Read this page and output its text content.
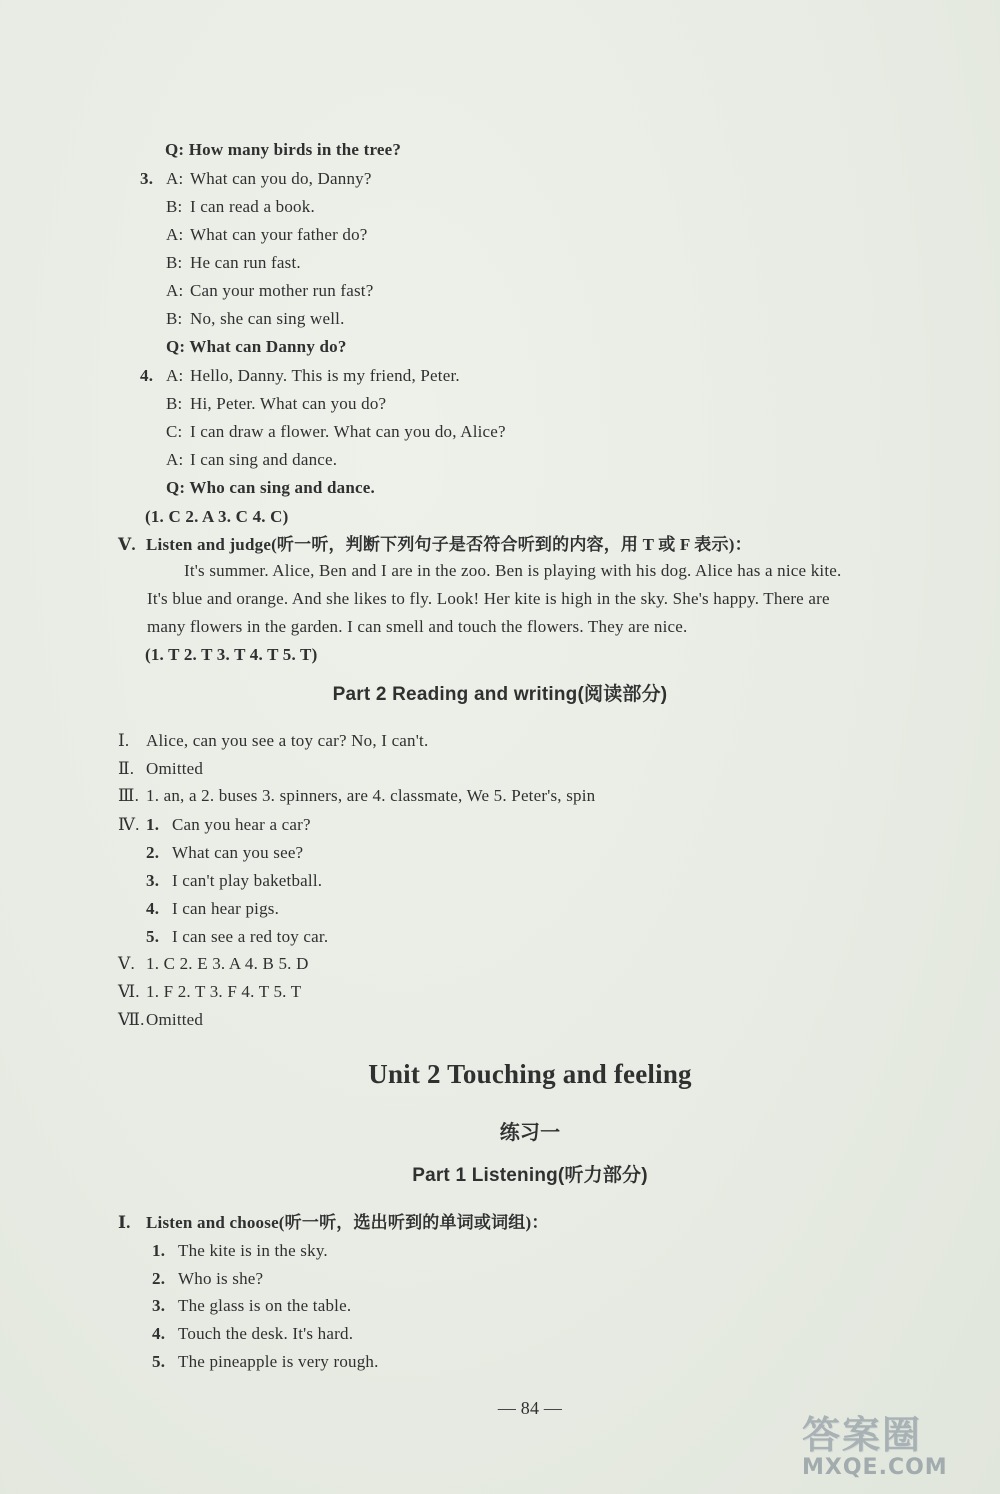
Q: How many birds in the tree?
3. A: What can you do, Danny?
B: I can read a book.
A: What can your father do?
B: He can run fast.
A: Can your mother run fast?
B: No, she can sing well.
Q: What can Danny do?
4. A: Hello, Danny. This is my friend, Peter.
B: Hi, Peter. What can you do?
C: I can draw a flower. What can you do, Alice?
A: I can sing and dance.
Q: Who can sing and dance.
(1. C 2. A 3. C 4. C)
Ⅴ. Listen and judge(听一听，判断下列句子是否符合听到的内容，用 T 或 F 表示)：
It's summer. Alice, Ben and I are in the zoo. Ben is playing with his dog. Alice has a nice kite.
It's blue and orange. And she likes to fly. Look! Her kite is high in the sky. She's happy. There are
many flowers in the garden. I can smell and touch the flowers. They are nice.
(1. T 2. T 3. T 4. T 5. T)
Part 2 Reading and writing(阅读部分)
Ⅰ. Alice, can you see a toy car? No, I can't.
Ⅱ. Omitted
Ⅲ. 1. an, a 2. buses 3. spinners, are 4. classmate, We 5. Peter's, spin
Ⅳ. 1. Can you hear a car?
2. What can you see?
3. I can't play baketball.
4. I can hear pigs.
5. I can see a red toy car.
Ⅴ. 1. C 2. E 3. A 4. B 5. D
Ⅵ. 1. F 2. T 3. F 4. T 5. T
Ⅶ.Omitted
Unit 2 Touching and feeling
练习一
Part 1 Listening(听力部分)
Ⅰ. Listen and choose(听一听，选出听到的单词或词组)：
1. The kite is in the sky.
2. Who is she?
3. The glass is on the table.
4. Touch the desk. It's hard.
5. The pineapple is very rough.
— 84 —
答案圈
MXQE.COM
